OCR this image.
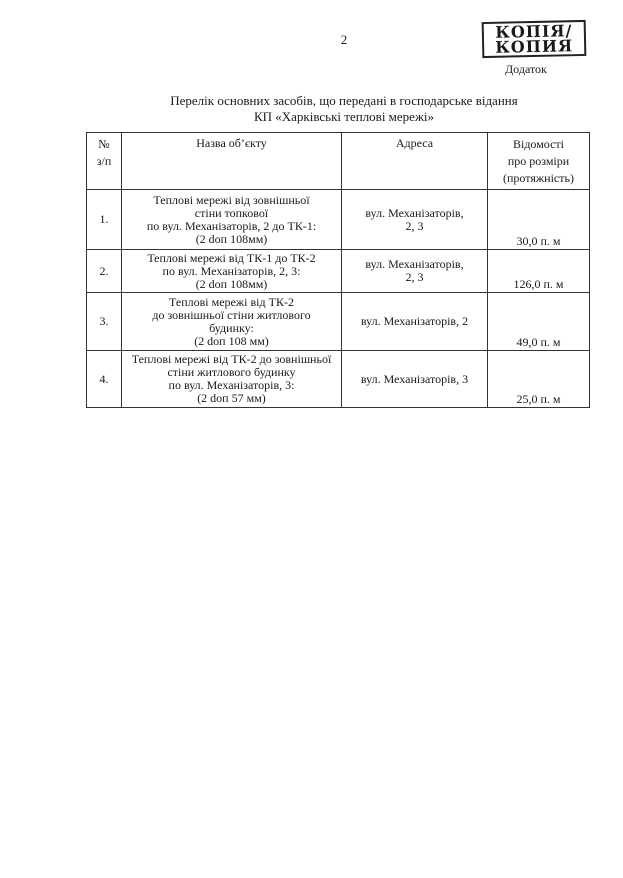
2	КОПІЯ/
КОПИЯ
Додаток
Перелік основних засобів, що передані в господарське відання
КП «Харківські теплові мережі»
№
з/п	Назва об’єкту	Адреса	Відомості
про розміри
(протяжність)
1.	Теплові мережі від зовнішньої
стіни топкової
по вул. Механізаторів, 2 до ТК-1:
(2 dоп 108мм)	вул. Механізаторів,
2, 3	30,0 п. м
2.	Теплові мережі від ТК-1 до ТК-2
по вул. Механізаторів, 2, 3:
(2 dоп 108мм)	вул. Механізаторів,
2, 3	126,0 п. м
3.	Теплові мережі від ТК-2
до зовнішньої стіни житлового
будинку:
(2 dоп 108 мм)	вул. Механізаторів, 2	49,0 п. м
4.	Теплові мережі від ТК-2 до зовнішньої
стіни житлового будинку
по вул. Механізаторів, 3:
(2 dоп 57 мм)	вул. Механізаторів, 3	25,0 п. м
